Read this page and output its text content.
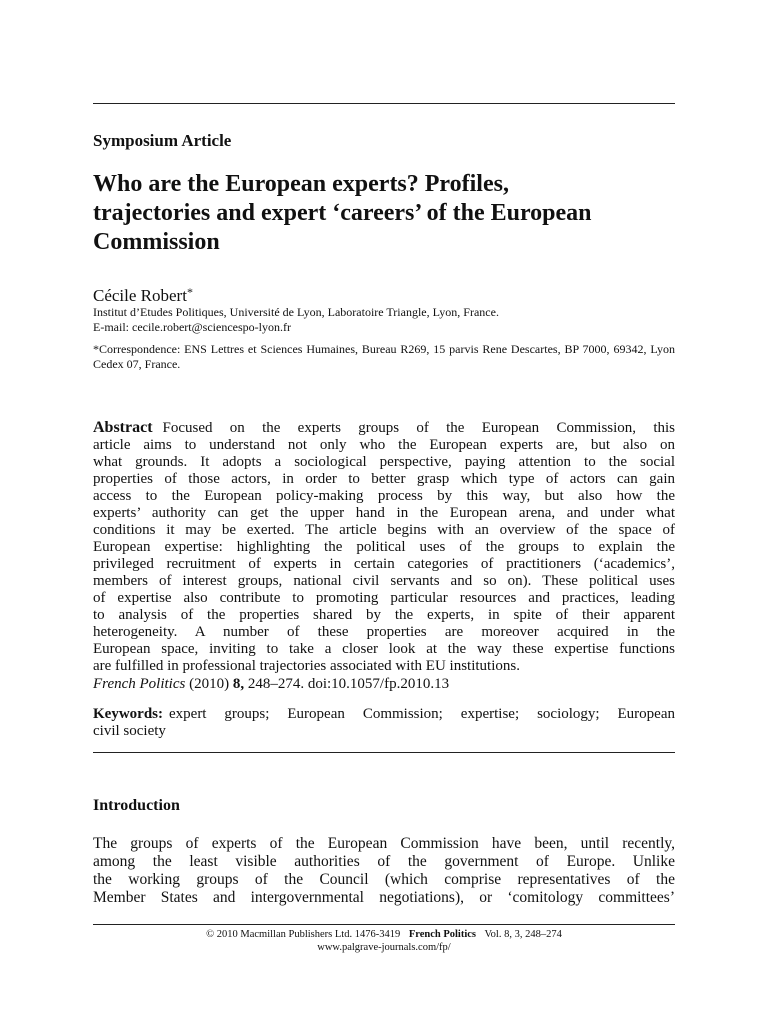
Symposium Article
Who are the European experts? Profiles,
trajectories and expert ‘careers’ of the European
Commission
Cécile Robert*
Institut d’Etudes Politiques, Université de Lyon, Laboratoire Triangle, Lyon, France.
E-mail: cecile.robert@sciencespo-lyon.fr
*Correspondence: ENS Lettres et Sciences Humaines, Bureau R269, 15 parvis Rene Descartes, BP 7000, 69342, Lyon Cedex 07, France.
Abstract Focused on the experts groups of the European Commission, this
article aims to understand not only who the European experts are, but also on
what grounds. It adopts a sociological perspective, paying attention to the social
properties of those actors, in order to better grasp which type of actors can gain
access to the European policy-making process by this way, but also how the
experts’ authority can get the upper hand in the European arena, and under what
conditions it may be exerted. The article begins with an overview of the space of
European expertise: highlighting the political uses of the groups to explain the
privileged recruitment of experts in certain categories of practitioners (‘academics’,
members of interest groups, national civil servants and so on). These political uses
of expertise also contribute to promoting particular resources and practices, leading
to analysis of the properties shared by the experts, in spite of their apparent
heterogeneity. A number of these properties are moreover acquired in the
European space, inviting to take a closer look at the way these expertise functions
are fulfilled in professional trajectories associated with EU institutions.
French Politics (2010) 8, 248–274. doi:10.1057/fp.2010.13
Keywords: expert groups; European Commission; expertise; sociology; European
civil society
Introduction
The groups of experts of the European Commission have been, until recently,
among the least visible authorities of the government of Europe. Unlike
the working groups of the Council (which comprise representatives of the
Member States and intergovernmental negotiations), or ‘comitology committees’
© 2010 Macmillan Publishers Ltd. 1476-3419 French Politics Vol. 8, 3, 248–274
www.palgrave-journals.com/fp/
